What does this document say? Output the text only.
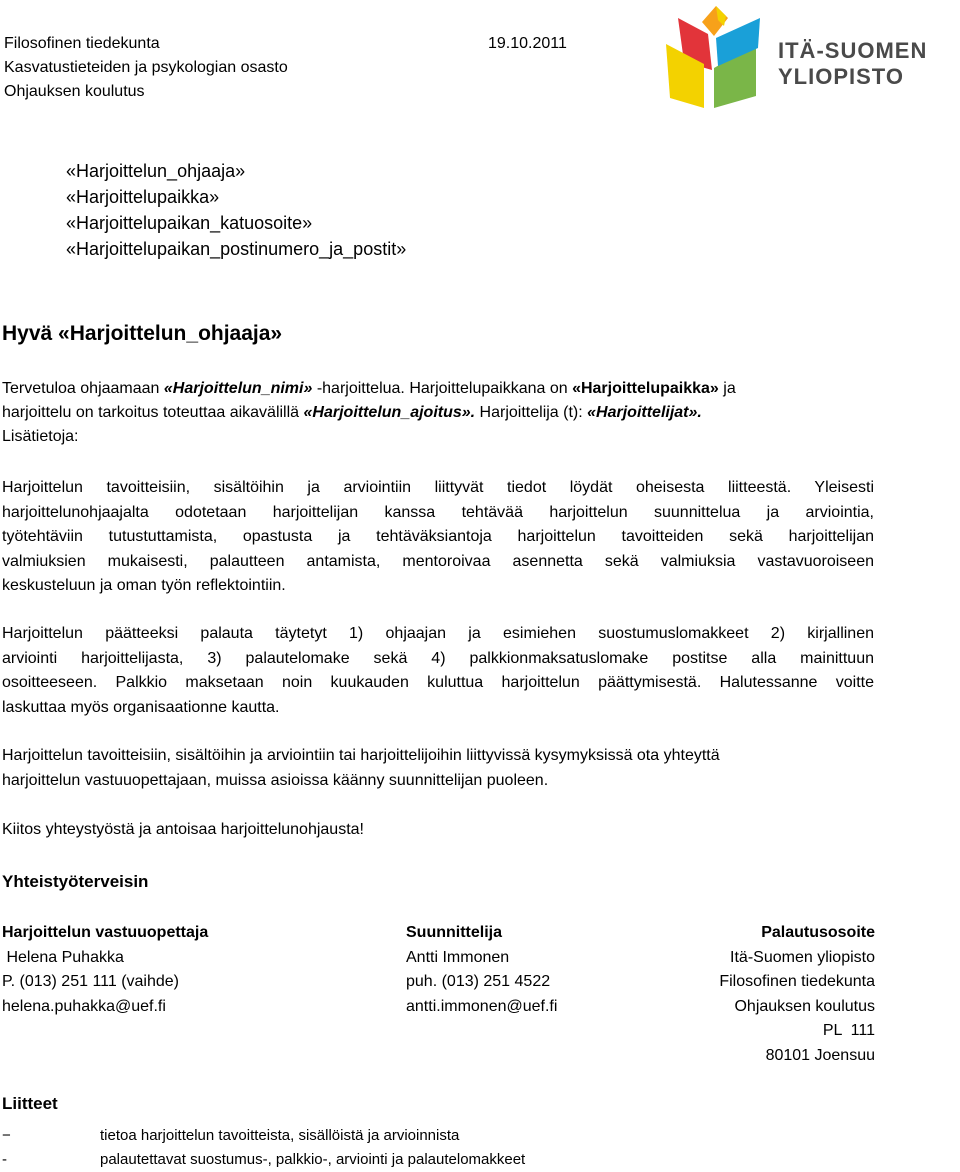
Filosofinen tiedekunta
Kasvatustieteiden ja psykologian osasto
Ohjauksen koulutus
19.10.2011	ITÄ-SUOMEN
YLIOPISTO
«Harjoittelun_ohjaaja»
«Harjoittelupaikka»
«Harjoittelupaikan_katuosoite»
«Harjoittelupaikan_postinumero_ja_postit»
Hyvä «Harjoittelun_ohjaaja»
Tervetuloa ohjaamaan «Harjoittelun_nimi» -harjoittelua. Harjoittelupaikkana on «Harjoittelupaikka» ja
harjoittelu on tarkoitus toteuttaa aikavälillä «Harjoittelun_ajoitus». Harjoittelija (t): «Harjoittelijat».
Lisätietoja:
Harjoittelun tavoitteisiin, sisältöihin ja arviointiin liittyvät tiedot löydät oheisesta liitteestä. Yleisesti
harjoittelunohjaajalta odotetaan harjoittelijan kanssa tehtävää harjoittelun suunnittelua ja arviointia,
työtehtäviin tutustuttamista, opastusta ja tehtäväksiantoja harjoittelun tavoitteiden sekä harjoittelijan
valmiuksien mukaisesti, palautteen antamista, mentoroivaa asennetta sekä valmiuksia vastavuoroiseen
keskusteluun ja oman työn reflektointiin.
Harjoittelun päätteeksi palauta täytetyt 1) ohjaajan ja esimiehen suostumuslomakkeet 2) kirjallinen
arviointi harjoittelijasta, 3) palautelomake sekä 4) palkkionmaksatuslomake postitse alla mainittuun
osoitteeseen. Palkkio maksetaan noin kuukauden kuluttua harjoittelun päättymisestä. Halutessanne voitte
laskuttaa myös organisaationne kautta.
Harjoittelun tavoitteisiin, sisältöihin ja arviointiin tai harjoittelijoihin liittyvissä kysymyksissä ota yhteyttä
harjoittelun vastuuopettajaan, muissa asioissa käänny suunnittelijan puoleen.
Kiitos yhteystyöstä ja antoisaa harjoittelunohjausta!
Yhteistyöterveisin
Harjoittelun vastuuopettaja
Helena Puhakka
P. (013) 251 111 (vaihde)
helena.puhakka@uef.fi
Suunnittelija
Antti Immonen
puh. (013) 251 4522
antti.immonen@uef.fi
Palautusosoite
Itä-Suomen yliopisto
Filosofinen tiedekunta
Ohjauksen koulutus
PL  111
80101 Joensuu
Liitteet
−	tietoa harjoittelun tavoitteista, sisällöistä ja arvioinnista
-	palautettavat suostumus-, palkkio-, arviointi ja palautelomakkeet
